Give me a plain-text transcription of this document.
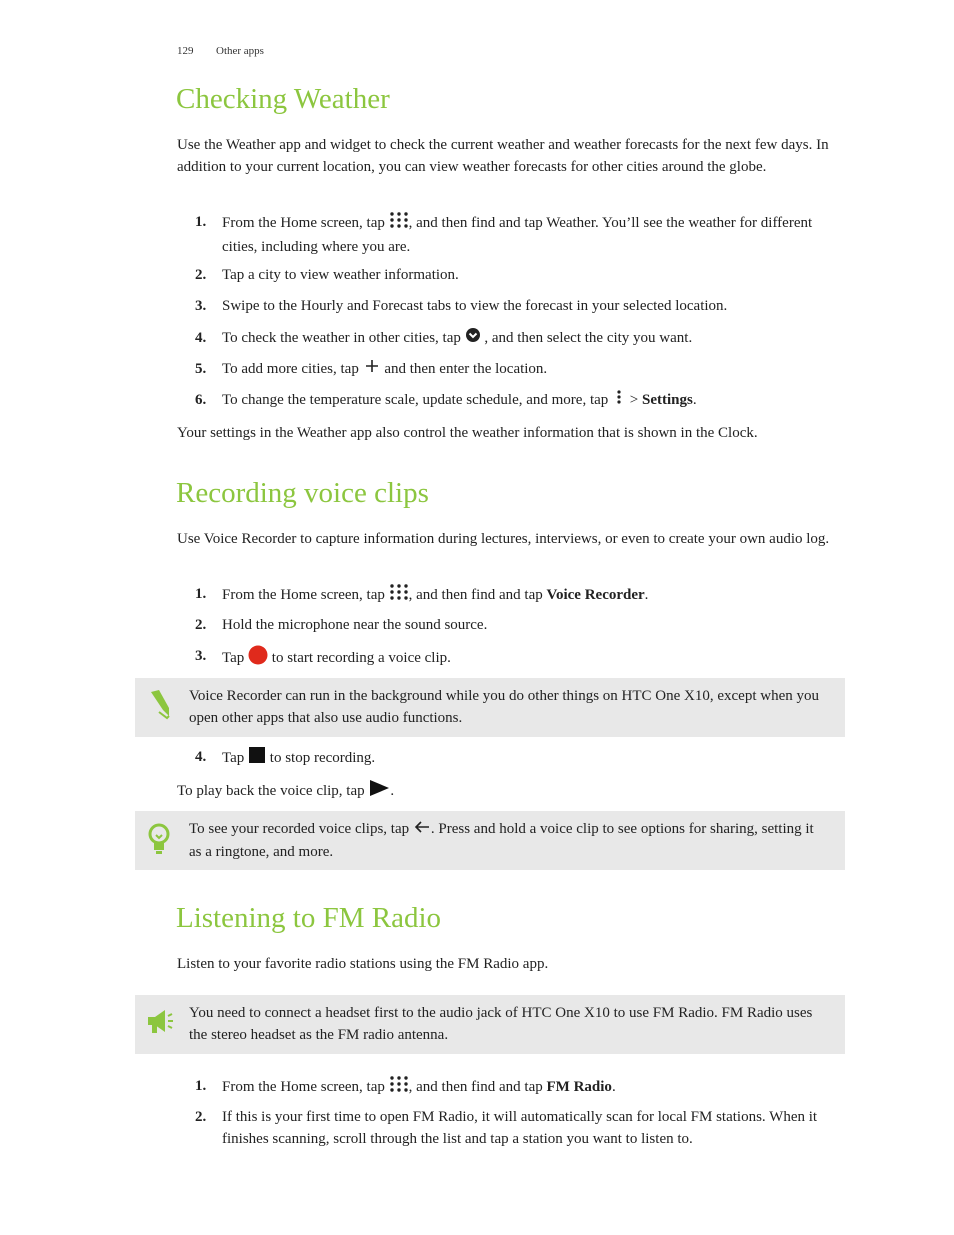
129 Other apps
Checking Weather

Use the Weather app and widget to check the current weather and weather forecasts for the next few days. In addition to your current location, you can view weather forecasts for other cities around the globe.

1.	From the Home screen, tap , and then find and tap Weather. You’ll see the weather for different cities, including where you are.
2.	Tap a city to view weather information.
3.	Swipe to the Hourly and Forecast tabs to view the forecast in your selected location.
4.	To check the weather in other cities, tap  , and then select the city you want.
5.	To add more cities, tap  and then enter the location.
6.	To change the temperature scale, update schedule, and more, tap  > Settings.

Your settings in the Weather app also control the weather information that is shown in the Clock.

Recording voice clips

Use Voice Recorder to capture information during lectures, interviews, or even to create your own audio log.

1.	From the Home screen, tap , and then find and tap Voice Recorder.
2.	Hold the microphone near the sound source.
3.	Tap  to start recording a voice clip.
Voice Recorder can run in the background while you do other things on HTC One X10, except when you open other apps that also use audio functions.
4.	Tap  to stop recording.

To play back the voice clip, tap .

To see your recorded voice clips, tap . Press and hold a voice clip to see options for sharing, setting it as a ringtone, and more.
Listening to FM Radio

Listen to your favorite radio stations using the FM Radio app.

You need to connect a headset first to the audio jack of HTC One X10 to use FM Radio. FM Radio uses the stereo headset as the FM radio antenna.
1.	From the Home screen, tap , and then find and tap FM Radio.
2.	If this is your first time to open FM Radio, it will automatically scan for local FM stations. When it finishes scanning, scroll through the list and tap a station you want to listen to.
